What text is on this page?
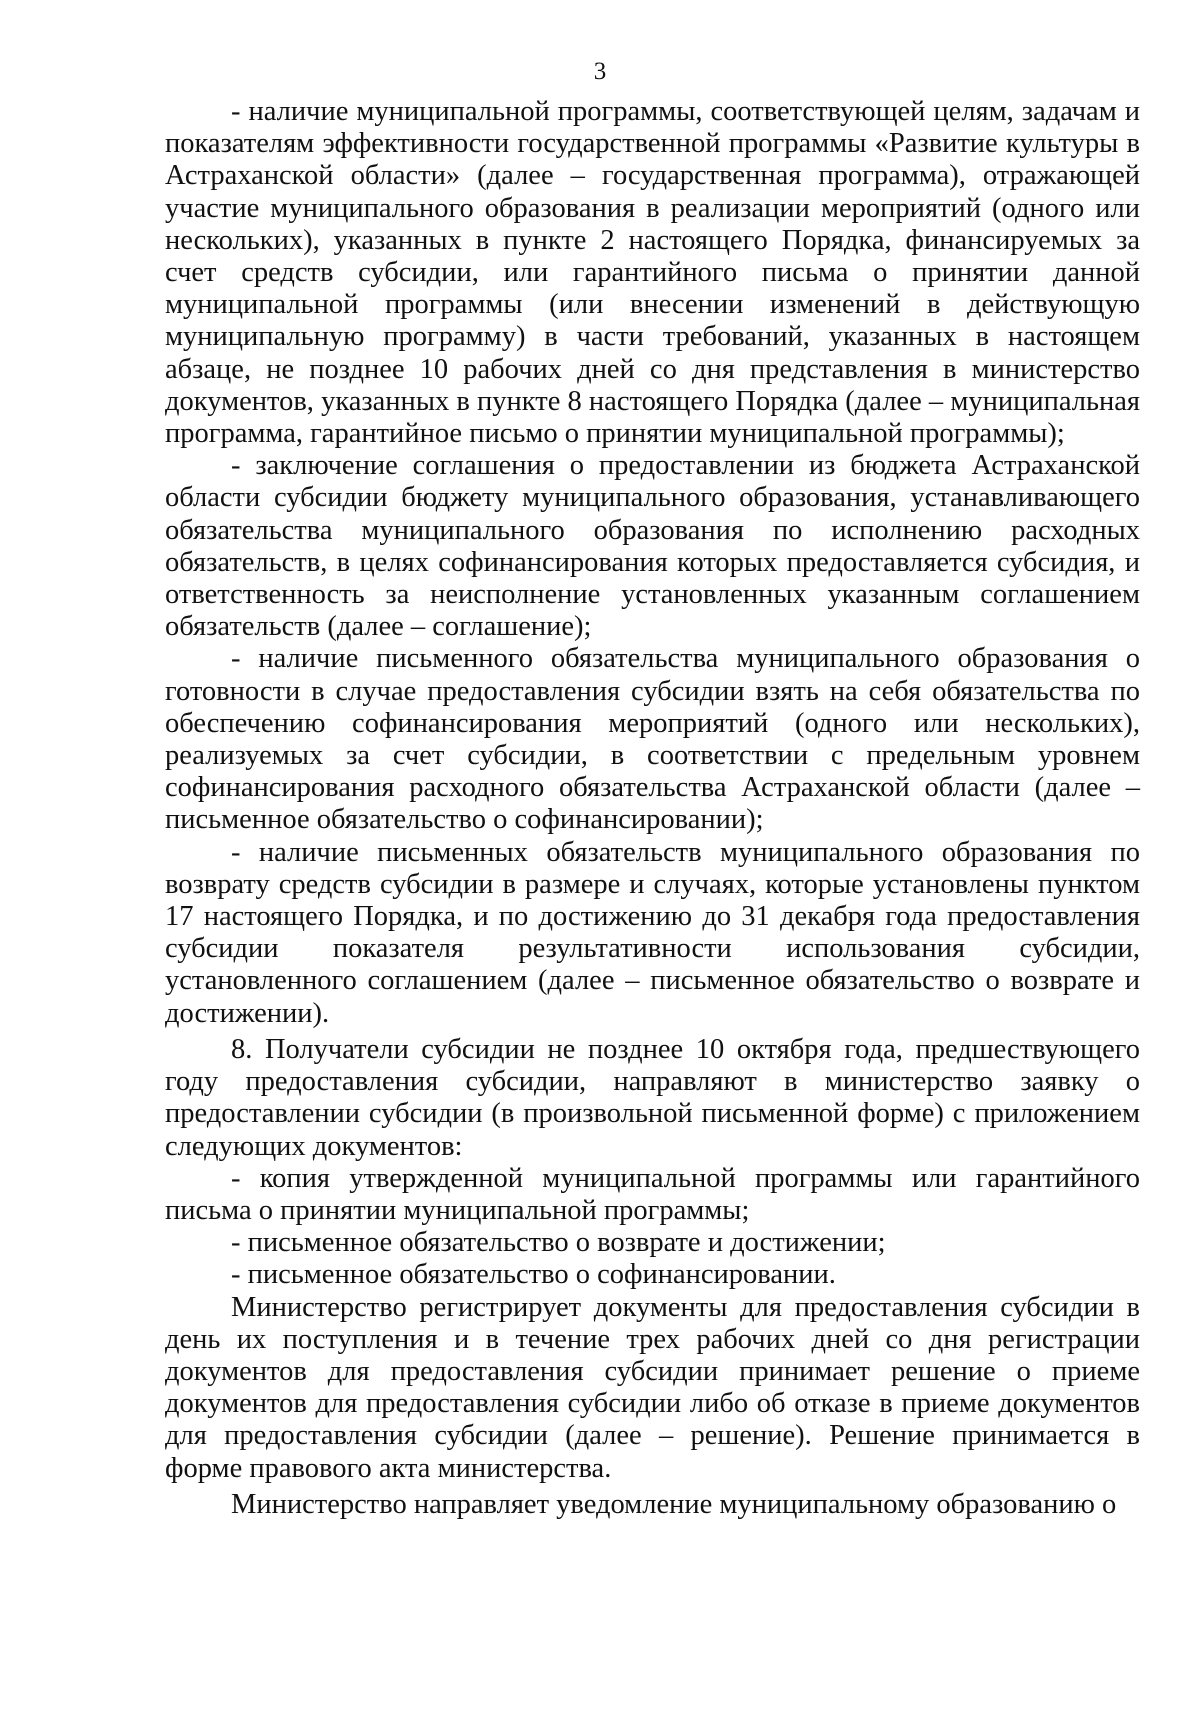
3

- наличие муниципальной программы, соответствующей целям, задачам и показателям эффективности государственной программы «Развитие культуры в Астраханской области» (далее – государственная программа), отражающей участие муниципального образования в реализации мероприятий (одного или нескольких), указанных в пункте 2 настоящего Порядка, финансируемых за счет средств субсидии, или гарантийного письма о принятии данной муниципальной программы (или внесении изменений в действующую муниципальную программу) в части требований, указанных в настоящем абзаце, не позднее 10 рабочих дней со дня представления в министерство документов, указанных в пункте 8 настоящего Порядка (далее – муниципальная программа, гарантийное письмо о принятии муниципальной программы);

- заключение соглашения о предоставлении из бюджета Астраханской области субсидии бюджету муниципального образования, устанавливающего обязательства муниципального образования по исполнению расходных обязательств, в целях софинансирования которых предоставляется субсидия, и ответственность за неисполнение установленных указанным соглашением обязательств (далее – соглашение);

- наличие письменного обязательства муниципального образования о готовности в случае предоставления субсидии взять на себя обязательства по обеспечению софинансирования мероприятий (одного или нескольких), реализуемых за счет субсидии, в соответствии с предельным уровнем софинансирования расходного обязательства Астраханской области (далее – письменное обязательство о софинансировании);

- наличие письменных обязательств муниципального образования по возврату средств субсидии в размере и случаях, которые установлены пунктом 17 настоящего Порядка, и по достижению до 31 декабря года предоставления субсидии показателя результативности использования субсидии, установленного соглашением (далее – письменное обязательство о возврате и достижении).

8. Получатели субсидии не позднее 10 октября года, предшествующего году предоставления субсидии, направляют в министерство заявку о предоставлении субсидии (в произвольной письменной форме) с приложением следующих документов:

- копия утвержденной муниципальной программы или гарантийного письма о принятии муниципальной программы;

- письменное обязательство о возврате и достижении;

- письменное обязательство о софинансировании.

Министерство регистрирует документы для предоставления субсидии в день их поступления и в течение трех рабочих дней со дня регистрации документов для предоставления субсидии принимает решение о приеме документов для предоставления субсидии либо об отказе в приеме документов для предоставления субсидии (далее – решение). Решение принимается в форме правового акта министерства.

Министерство направляет уведомление муниципальному образованию о
